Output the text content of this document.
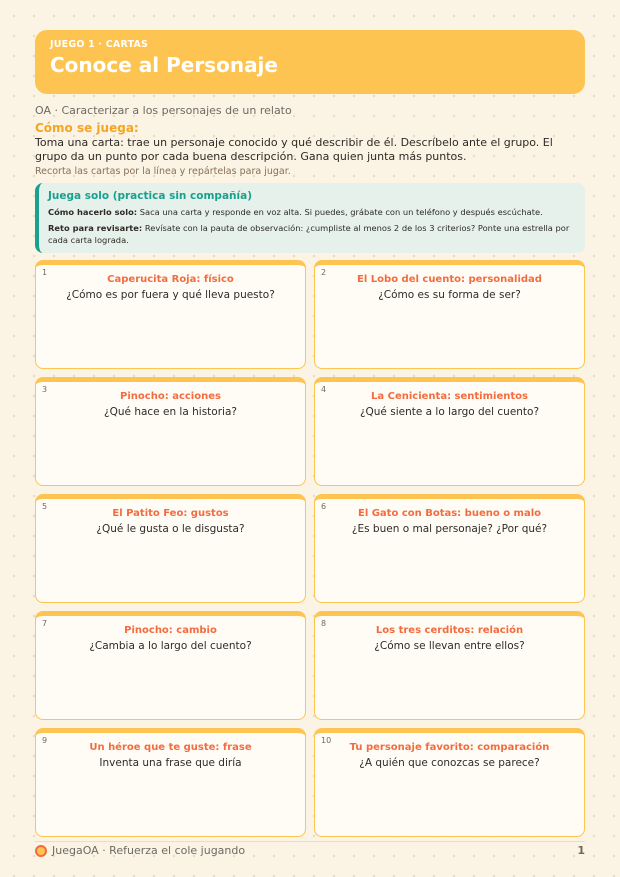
JUEGO 1 · CARTAS
Conoce al Personaje
OA · Caracterizar a los personajes de un relato
Cómo se juega:
Toma una carta: trae un personaje conocido y qué describir de él. Descríbelo ante el grupo. El grupo da un punto por cada buena descripción. Gana quien junta más puntos.
Recorta las cartas por la línea y repártelas para jugar.
Juega solo (practica sin compañía)

Cómo hacerlo solo: Saca una carta y responde en voz alta. Si puedes, grábate con un teléfono y después escúchate.

Reto para revisarte: Revísate con la pauta de observación: ¿cumpliste al menos 2 de los 3 criterios? Ponte una estrella por cada carta lograda.

1
Caperucita Roja: físico
¿Cómo es por fuera y qué lleva puesto?
2
El Lobo del cuento: personalidad
¿Cómo es su forma de ser?
3
Pinocho: acciones
¿Qué hace en la historia?
4
La Cenicienta: sentimientos
¿Qué siente a lo largo del cuento?
5
El Patito Feo: gustos
¿Qué le gusta o le disgusta?
6
El Gato con Botas: bueno o malo
¿Es buen o mal personaje? ¿Por qué?
7
Pinocho: cambio
¿Cambia a lo largo del cuento?
8
Los tres cerditos: relación
¿Cómo se llevan entre ellos?
9
Un héroe que te guste: frase
Inventa una frase que diría
10
Tu personaje favorito: comparación
¿A quién que conozcas se parece?
JuegaOA · Refuerza el cole jugando	1
